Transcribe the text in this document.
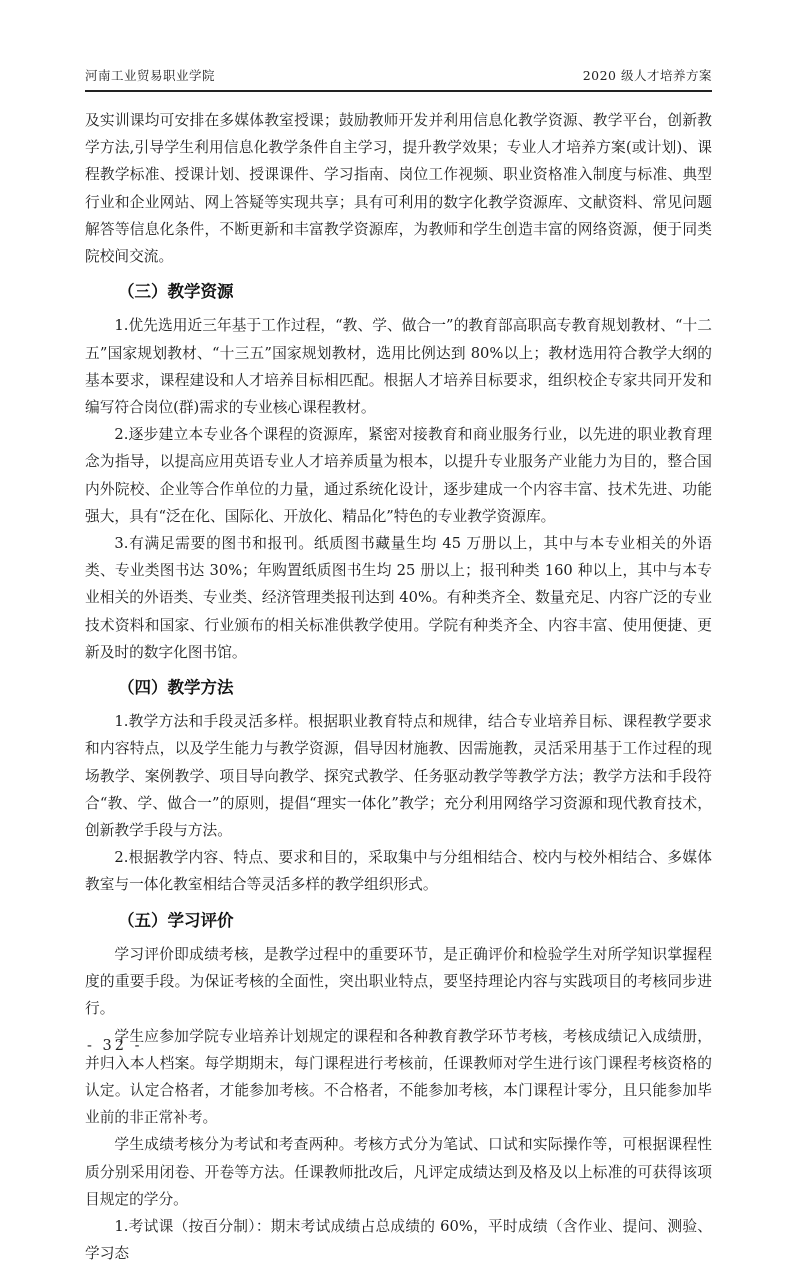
河南工业贸易职业学院	2020 级人才培养方案

及实训课均可安排在多媒体教室授课；鼓励教师开发并利用信息化教学资源、教学平台，创新教学方法,引导学生利用信息化教学条件自主学习，提升教学效果；专业人才培养方案(或计划)、课程教学标准、授课计划、授课课件、学习指南、岗位工作视频、职业资格准入制度与标准、典型行业和企业网站、网上答疑等实现共享；具有可利用的数字化教学资源库、文献资料、常见问题解答等信息化条件，不断更新和丰富教学资源库，为教师和学生创造丰富的网络资源，便于同类院校间交流。

（三）教学资源

1.优先选用近三年基于工作过程，“教、学、做合一”的教育部高职高专教育规划教材、“十二五”国家规划教材、“十三五”国家规划教材，选用比例达到 80%以上；教材选用符合教学大纲的基本要求，课程建设和人才培养目标相匹配。根据人才培养目标要求，组织校企专家共同开发和编写符合岗位(群)需求的专业核心课程教材。

2.逐步建立本专业各个课程的资源库，紧密对接教育和商业服务行业，以先进的职业教育理念为指导，以提高应用英语专业人才培养质量为根本，以提升专业服务产业能力为目的，整合国内外院校、企业等合作单位的力量，通过系统化设计，逐步建成一个内容丰富、技术先进、功能强大，具有“泛在化、国际化、开放化、精品化”特色的专业教学资源库。

3.有满足需要的图书和报刊。纸质图书藏量生均 45 万册以上，其中与本专业相关的外语类、专业类图书达 30%；年购置纸质图书生均 25 册以上；报刊种类 160 种以上，其中与本专业相关的外语类、专业类、经济管理类报刊达到 40%。有种类齐全、数量充足、内容广泛的专业技术资料和国家、行业颁布的相关标准供教学使用。学院有种类齐全、内容丰富、使用便捷、更新及时的数字化图书馆。

（四）教学方法

1.教学方法和手段灵活多样。根据职业教育特点和规律，结合专业培养目标、课程教学要求和内容特点，以及学生能力与教学资源，倡导因材施教、因需施教，灵活采用基于工作过程的现场教学、案例教学、项目导向教学、探究式教学、任务驱动教学等教学方法；教学方法和手段符合“教、学、做合一”的原则，提倡“理实一体化”教学；充分利用网络学习资源和现代教育技术，创新教学手段与方法。

2.根据教学内容、特点、要求和目的，采取集中与分组相结合、校内与校外相结合、多媒体教室与一体化教室相结合等灵活多样的教学组织形式。

（五）学习评价

学习评价即成绩考核，是教学过程中的重要环节，是正确评价和检验学生对所学知识掌握程度的重要手段。为保证考核的全面性，突出职业特点，要坚持理论内容与实践项目的考核同步进行。

学生应参加学院专业培养计划规定的课程和各种教育教学环节考核，考核成绩记入成绩册，并归入本人档案。每学期期末，每门课程进行考核前，任课教师对学生进行该门课程考核资格的认定。认定合格者，才能参加考核。不合格者，不能参加考核，本门课程计零分，且只能参加毕业前的非正常补考。

学生成绩考核分为考试和考查两种。考核方式分为笔试、口试和实际操作等，可根据课程性质分别采用闭卷、开卷等方法。任课教师批改后，凡评定成绩达到及格及以上标准的可获得该项目规定的学分。

1.考试课（按百分制）：期末考试成绩占总成绩的 60%，平时成绩（含作业、提问、测验、学习态

- 32 -
